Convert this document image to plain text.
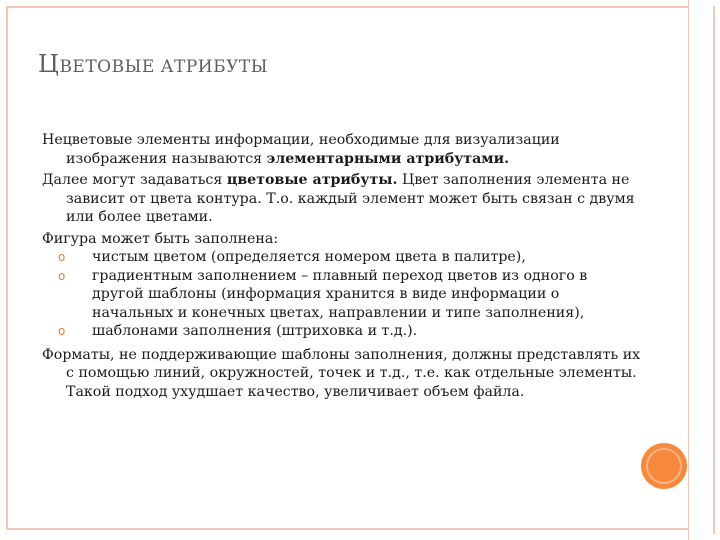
ЦВЕТОВЫЕ АТРИБУТЫ

Нецветовые элементы информации, необходимые для визуализации изображения называются элементарными атрибутами.

Далее могут задаваться цветовые атрибуты. Цвет заполнения элемента не зависит от цвета контура. Т.о. каждый элемент может быть связан с двумя или более цветами.

Фигура может быть заполнена:

o чистым цветом (определяется номером цвета в палитре),
o градиентным заполнением – плавный переход цветов из одного в другой шаблоны (информация хранится в виде информации о начальных и конечных цветах, направлении и типе заполнения),
o шаблонами заполнения (штриховка и т.д.).

Форматы, не поддерживающие шаблоны заполнения, должны представлять их с помощью линий, окружностей, точек и т.д., т.е. как отдельные элементы. Такой подход ухудшает качество, увеличивает объем файла.
